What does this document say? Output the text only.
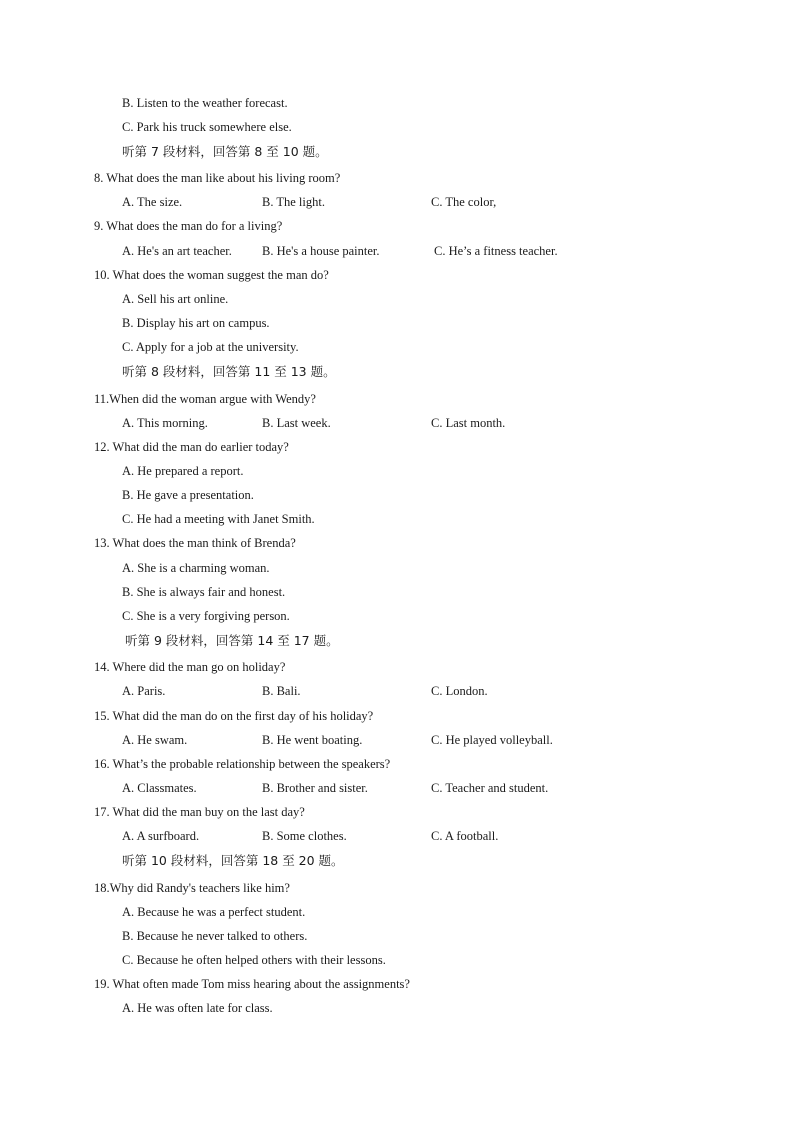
B. Listen to the weather forecast.
C. Park his truck somewhere else.
听第 7 段材料，回答第 8 至 10 题。
8. What does the man like about his living room?
A. The size.	B. The light.	C. The color,
9. What does the man do for a living?
A. He's an art teacher. B. He's a house painter.	C. He’s a fitness teacher.
10. What does the woman suggest the man do?
A. Sell his art online.
B. Display his art on campus.
C. Apply for a job at the university.
听第 8 段材料，回答第 11 至 13 题。
11.When did the woman argue with Wendy?
A. This morning.	B. Last week.	C. Last month.
12. What did the man do earlier today?
A. He prepared a report.
B. He gave a presentation.
C. He had a meeting with Janet Smith.
13. What does the man think of Brenda?
A. She is a charming woman.
B. She is always fair and honest.
C. She is a very forgiving person.
听第 9 段材料，回答第 14 至 17 题。
14. Where did the man go on holiday?
A. Paris.	B. Bali.	C. London.
15. What did the man do on the first day of his holiday?
A. He swam.	B. He went boating.	C. He played volleyball.
16. What’s the probable relationship between the speakers?
A. Classmates.	B. Brother and sister.	C. Teacher and student.
17. What did the man buy on the last day?
A. A surfboard.	B. Some clothes.	C. A football.
听第 10 段材料，回答第 18 至 20 题。
18.Why did Randy's teachers like him?
A. Because he was a perfect student.
B. Because he never talked to others.
C. Because he often helped others with their lessons.
19. What often made Tom miss hearing about the assignments?
A. He was often late for class.
